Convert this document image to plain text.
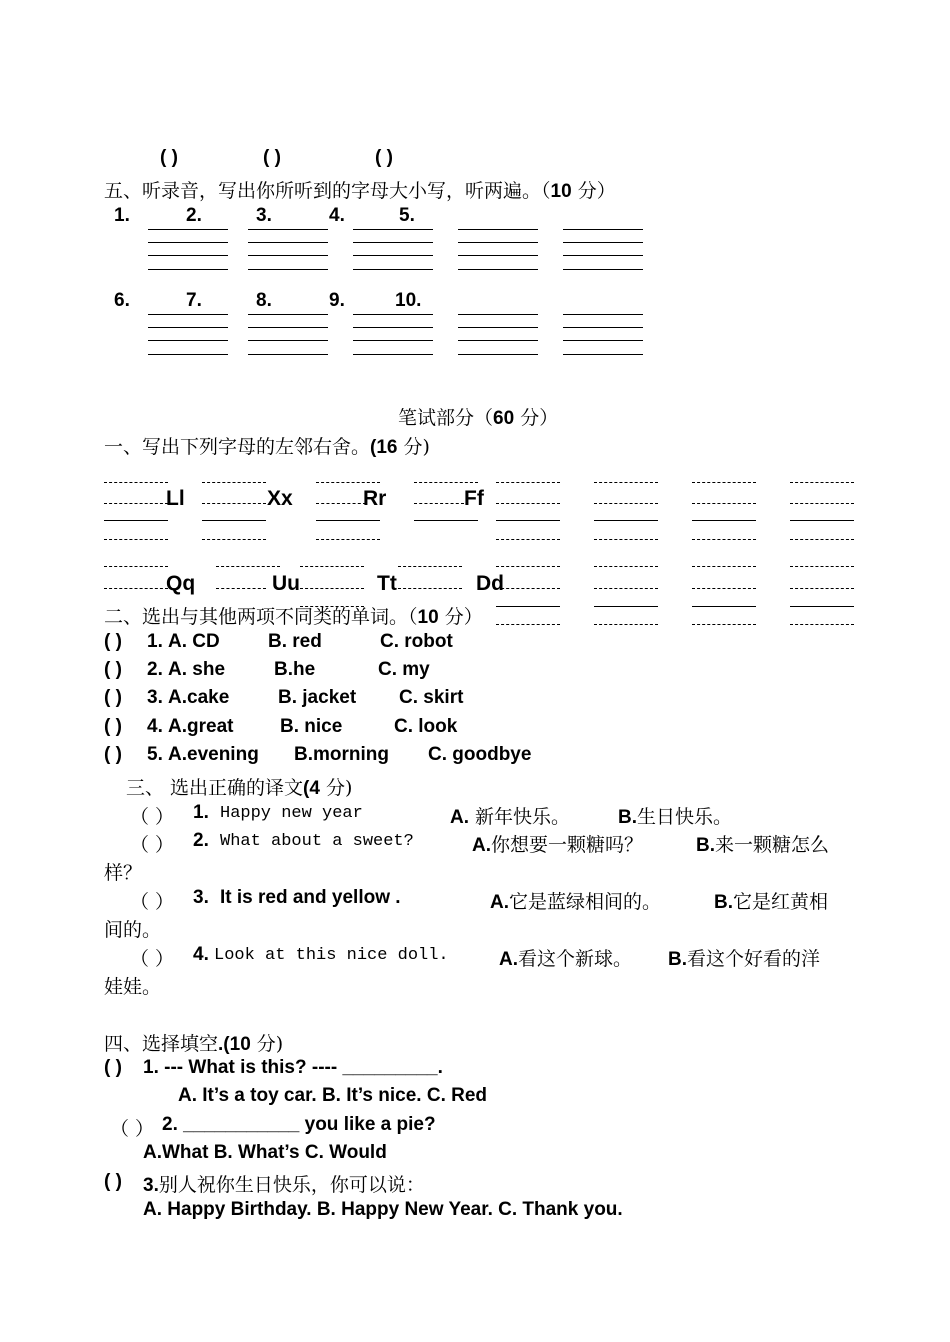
( )	( )	( )
五、听录音，写出你所听到的字母大小写，听两遍。（10 分）
1.	2.	3.	4.	5.
6.	7.	8.	9.	10.
笔试部分（60 分）
一、写出下列字母的左邻右舍。(16 分)
Ll	Xx	Rr	Ff
Qq	Uu	Tt	Dd
二、选出与其他两项不同类的单词。（10 分）
( ) 1. A. CD	B. red	C. robot
( ) 2. A. she	B.he	C. my
( ) 3. A.cake	B. jacket C. skirt
( ) 4. A.great B. nice	C. look
( ) 5. A.evening B.morning C. goodbye
三、 选出正确的译文(4 分)
（ ） 1. Happy new year	A. 新年快乐。	B.生日快乐。
（ ） 2. What about a sweet?	A.你想要一颗糖吗？	B.来一颗糖怎么
样？
（ ） 3. It is red and yellow .	A.它是蓝绿相间的。	B.它是红黄相
间的。
（ ） 4. Look at this nice doll.	A.看这个新球。 B.看这个好看的洋
娃娃。
四、选择填空.(10 分)
( ) 1. --- What is this? ---- _________.
A. It’s a toy car. B. It’s nice. C. Red
（ ） 2. ___________ you like a pie?
A.What B. What’s C. Would
( ) 3.别人祝你生日快乐，你可以说：
A. Happy Birthday. B. Happy New Year. C. Thank you.
